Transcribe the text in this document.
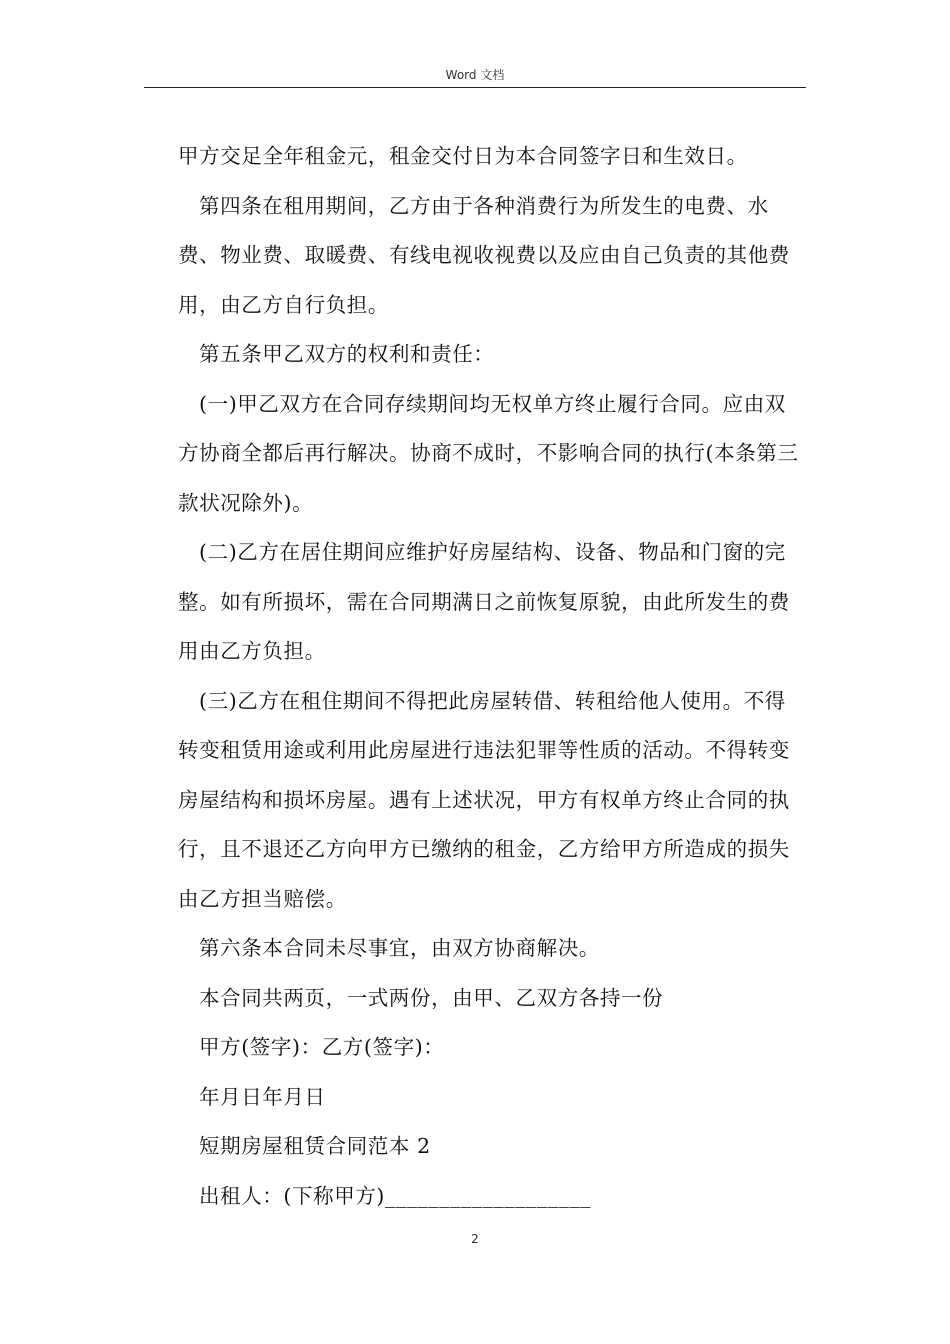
Word 文档

甲方交足全年租金元，租金交付日为本合同签字日和生效日。

第四条在租用期间，乙方由于各种消费行为所发生的电费、水费、物业费、取暖费、有线电视收视费以及应由自己负责的其他费用，由乙方自行负担。

第五条甲乙双方的权利和责任：

(一)甲乙双方在合同存续期间均无权单方终止履行合同。应由双方协商全都后再行解决。协商不成时，不影响合同的执行(本条第三款状况除外)。

(二)乙方在居住期间应维护好房屋结构、设备、物品和门窗的完整。如有所损坏，需在合同期满日之前恢复原貌，由此所发生的费用由乙方负担。

(三)乙方在租住期间不得把此房屋转借、转租给他人使用。不得转变租赁用途或利用此房屋进行违法犯罪等性质的活动。不得转变房屋结构和损坏房屋。遇有上述状况，甲方有权单方终止合同的执行，且不退还乙方向甲方已缴纳的租金，乙方给甲方所造成的损失由乙方担当赔偿。

第六条本合同未尽事宜，由双方协商解决。

本合同共两页，一式两份，由甲、乙双方各持一份

甲方(签字)：乙方(签字)：

年月日年月日

短期房屋租赁合同范本 2

出租人：(下称甲方)___________________

2
